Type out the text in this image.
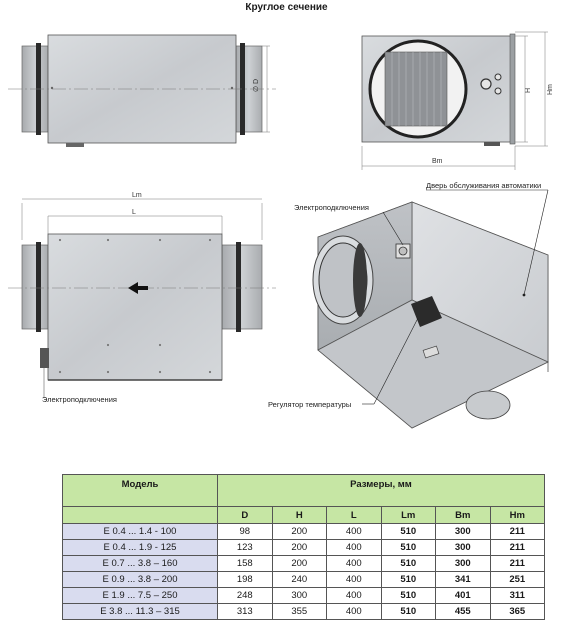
Круглое сечение
∅ D	H Hm
Bm
Lm
L
Электроподключения
Электроподключения
Дверь обслуживания автоматики
Регулятор температуры
Модель	Размеры, мм					
	D	H	L	Lm	Bm	Hm
E 0.4 ... 1.4 - 100	98	200	400	510	300	211
E 0.4 ... 1.9 - 125	123	200	400	510	300	211
E 0.7 ... 3.8 – 160	158	200	400	510	300	211
E 0.9 ... 3.8 – 200	198	240	400	510	341	251
E 1.9 ... 7.5 – 250	248	300	400	510	401	311
E 3.8 ... 11.3 – 315	313	355	400	510	455	365
